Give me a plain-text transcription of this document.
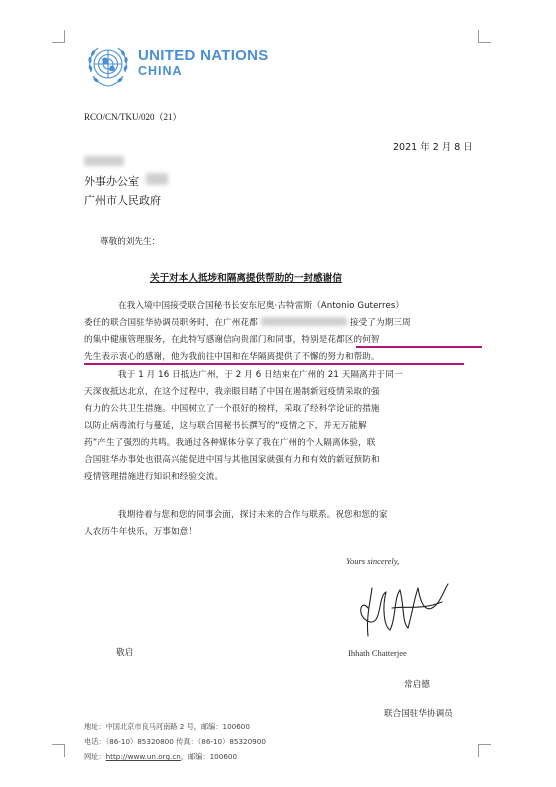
UNITED NATIONS
CHINA
RCO/CN/TKU/020（21）
2021 年 2 月 8 日
外事办公室
广州市人民政府
尊敬的刘先生：
关于对本人抵埗和隔离提供帮助的一封感谢信
在我入境中国接受联合国秘书长安东尼奥·古特雷斯（Antonio Guterres）
委任的联合国驻华协调员职务时，在广州花都	接受了为期三周
的集中健康管理服务，在此特写感谢信向贵部门和同事，特别是花都区的何智
先生表示衷心的感谢，他为我前往中国和在华隔离提供了不懈的努力和帮助。
我于 1 月 16 日抵达广州，于 2 月 6 日结束在广州的 21 天隔离并于同一
天深夜抵达北京，在这个过程中，我亲眼目睹了中国在遏制新冠疫情采取的强
有力的公共卫生措施。中国树立了一个很好的榜样，采取了经科学论证的措施
以防止病毒流行与蔓延，这与联合国秘书长撰写的“疫情之下，并无万能解
药”产生了强烈的共鸣。我通过各种媒体分享了我在广州的个人隔离体验，联
合国驻华办事处也很高兴能促进中国与其他国家就强有力和有效的新冠预防和
疫情管理措施进行知识和经验交流。
我期待着与您和您的同事会面，探讨未来的合作与联系。祝您和您的家
人农历牛年快乐，万事如意！
Yours sincerely,
Ihhath Chatterjee
敬启
常启德
联合国驻华协调员
地址：中国北京市良马河南路 2 号，邮编：100600
电话：（86-10）85320800 传真：（86-10）85320900
网址：http://www.un.org.cn，邮编：100600
